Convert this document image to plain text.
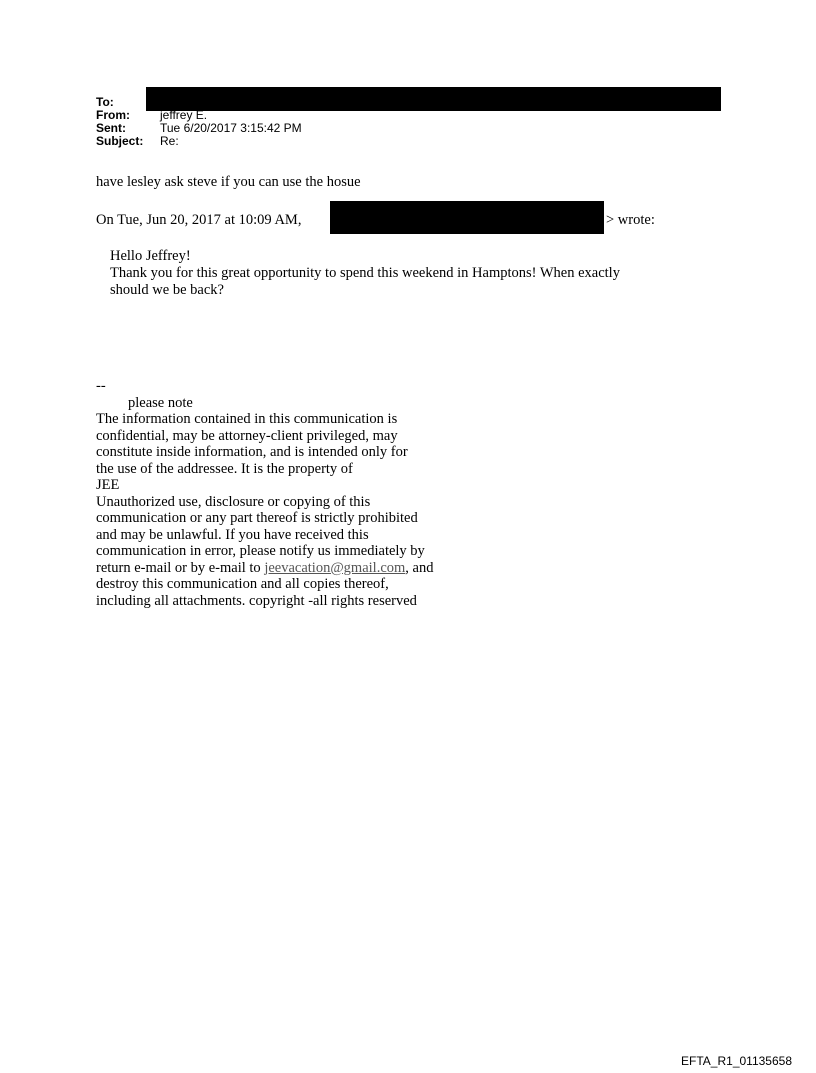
To:
From:	jeffrey E.
Sent:	Tue 6/20/2017 3:15:42 PM
Subject: Re:
have lesley ask steve if you can use the hosue
On Tue, Jun 20, 2017 at 10:09 AM,	> wrote:
Hello Jeffrey!
Thank you for this great opportunity to spend this weekend in Hamptons! When exactly
should we be back?
--
please note
The information contained in this communication is
confidential, may be attorney-client privileged, may
constitute inside information, and is intended only for
the use of the addressee. It is the property of
JEE
Unauthorized use, disclosure or copying of this
communication or any part thereof is strictly prohibited
and may be unlawful. If you have received this
communication in error, please notify us immediately by
return e-mail or by e-mail to jeevacation@gmail.com, and
destroy this communication and all copies thereof,
including all attachments. copyright -all rights reserved
EFTA_R1_01135658
